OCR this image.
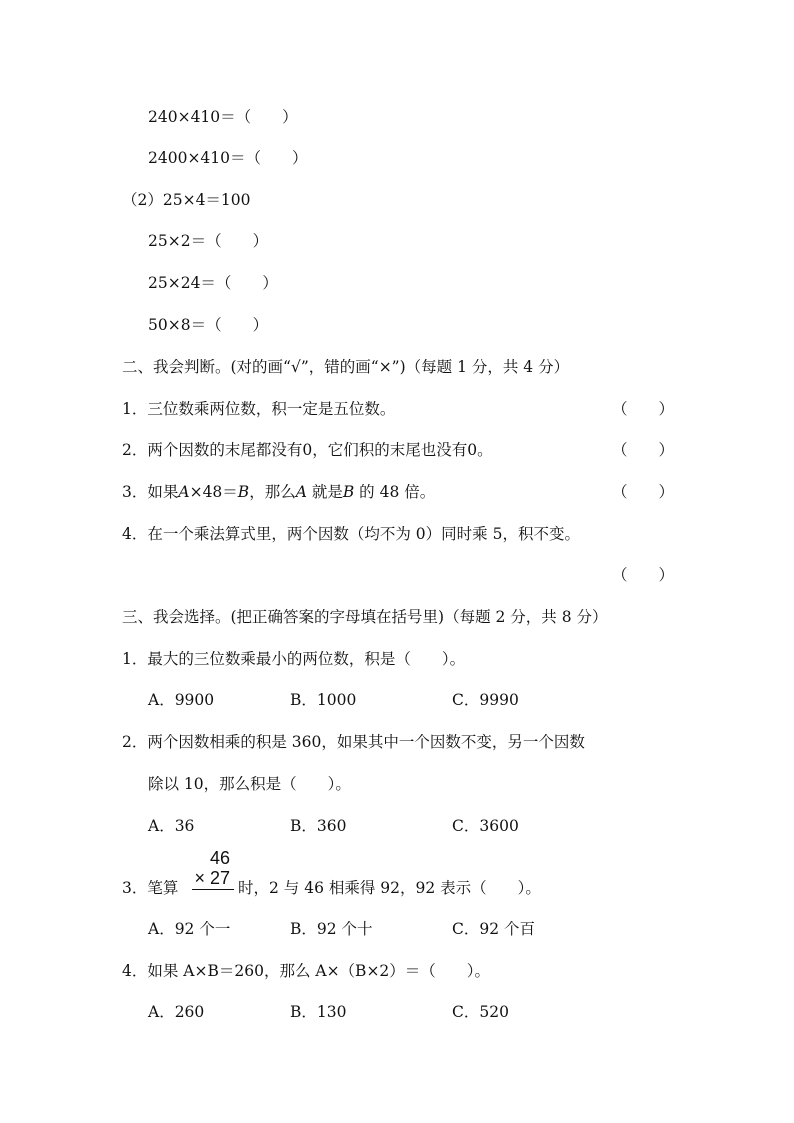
240×410＝（　　）
2400×410＝（　　）
（2）25×4＝100
25×2＝（　　）
25×24＝（　　）
50×8＝（　　）
二、我会判断。(对的画“√”，错的画“×”)（每题 1 分，共 4 分）
1．三位数乘两位数，积一定是五位数。	（　　）
2．两个因数的末尾都没有0，它们积的末尾也没有0。	（　　）
3．如果A×48＝B，那么A 就是B 的 48 倍。	（　　）
4．在一个乘法算式里，两个因数（均不为 0）同时乘 5，积不变。
（　　）
三、我会选择。(把正确答案的字母填在括号里)（每题 2 分，共 8 分）
1．最大的三位数乘最小的两位数，积是（　　）。
A．9900	B．1000	C．9990
2．两个因数相乘的积是 360，如果其中一个因数不变，另一个因数
除以 10，那么积是（　　）。
A．36	B．360	C．3600
3．笔算
46
× 27 时，2 与 46 相乘得 92，92 表示（　　）。
A．92 个一	B．92 个十	C．92 个百
4．如果 A×B＝260，那么 A×（B×2）＝（　　）。
A．260	B．130	C．520
